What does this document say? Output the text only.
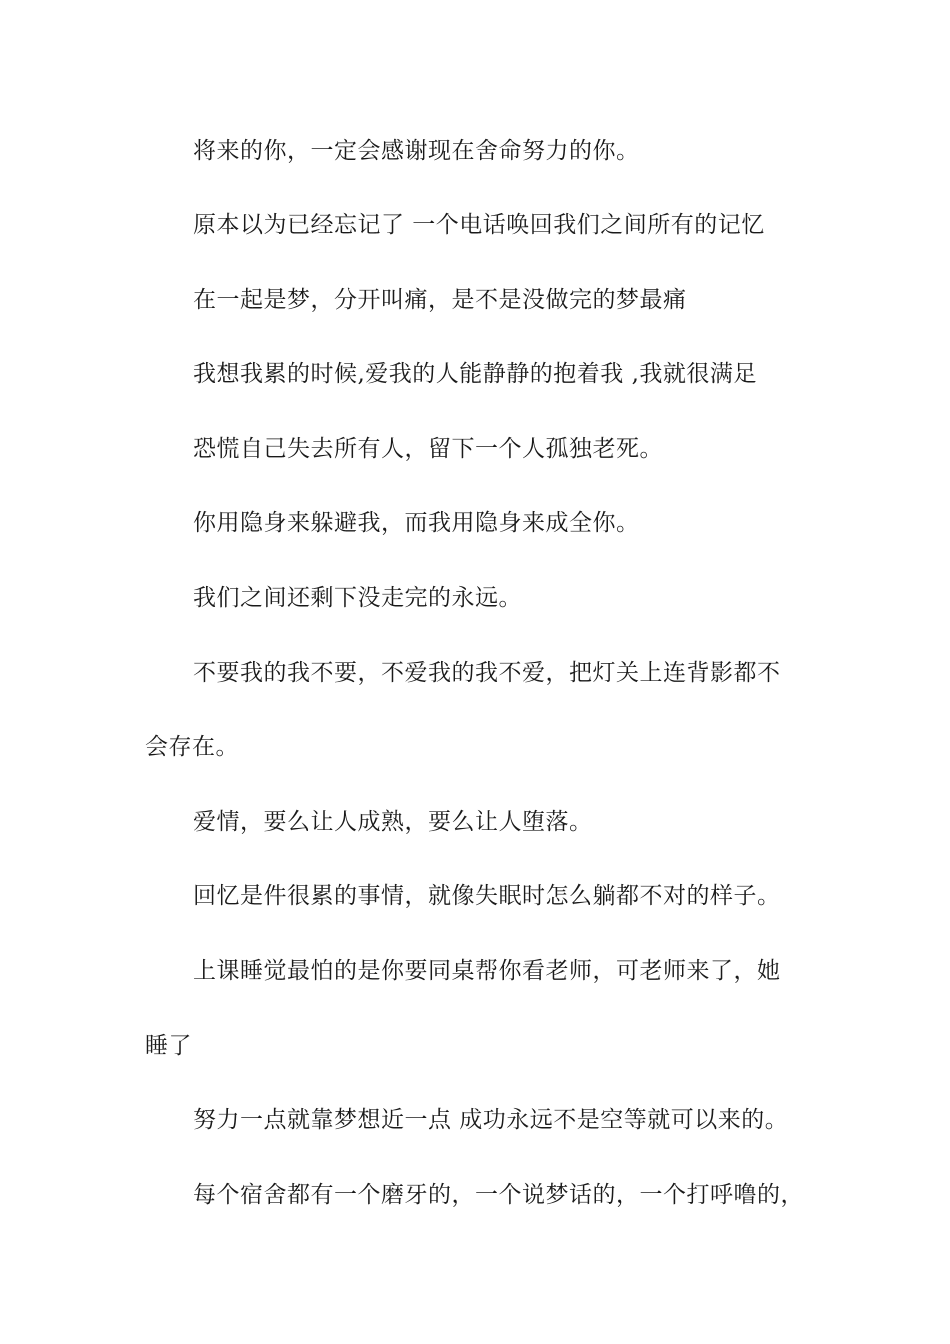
将来的你，一定会感谢现在舍命努力的你。

原本以为已经忘记了 一个电话唤回我们之间所有的记忆

在一起是梦，分开叫痛，是不是没做完的梦最痛

我想我累的时候,爱我的人能静静的抱着我 ,我就很满足

恐慌自己失去所有人，留下一个人孤独老死。

你用隐身来躲避我，而我用隐身来成全你。

我们之间还剩下没走完的永远。

不要我的我不要，不爱我的我不爱，把灯关上连背影都不

会存在。

爱情，要么让人成熟，要么让人堕落。

回忆是件很累的事情，就像失眠时怎么躺都不对的样子。

上课睡觉最怕的是你要同桌帮你看老师，可老师来了，她

睡了

努力一点就靠梦想近一点 成功永远不是空等就可以来的。

每个宿舍都有一个磨牙的，一个说梦话的，一个打呼噜的，
